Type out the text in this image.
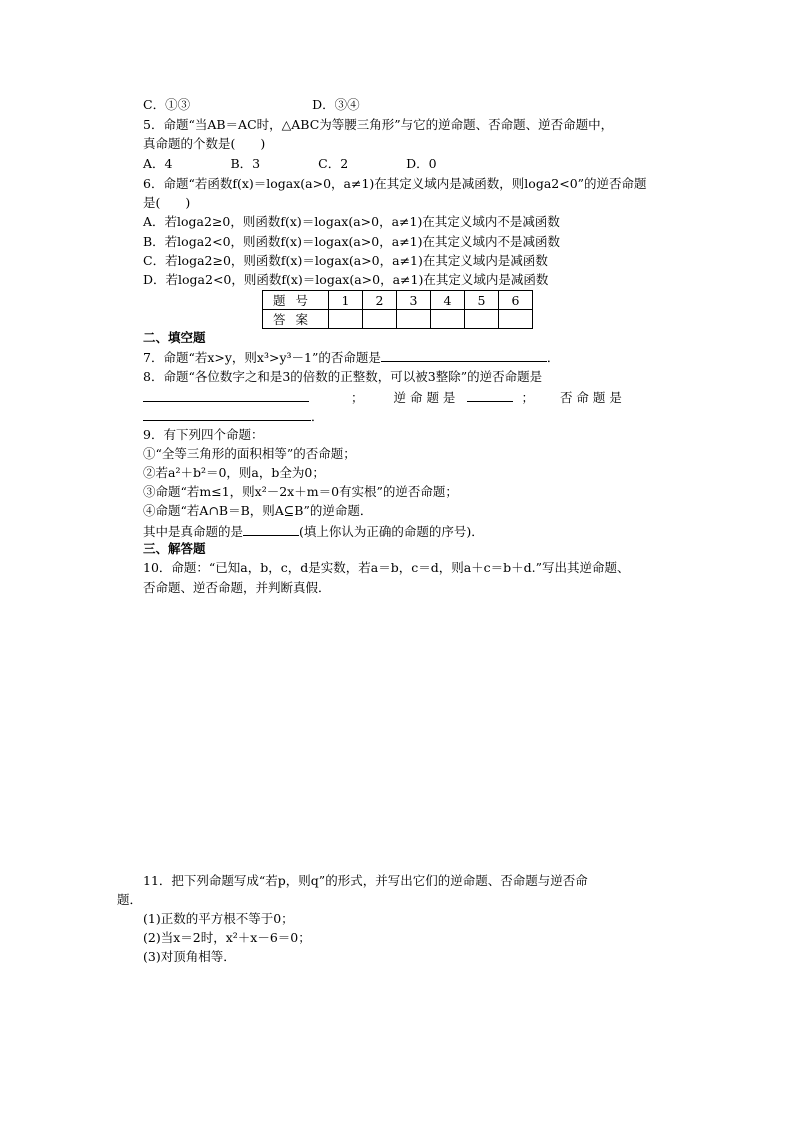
C．①③	D．③④
5．命题“当AB＝AC时，△ABC为等腰三角形”与它的逆命题、否命题、逆否命题中，
真命题的个数是(　　)
A．4	B．3	C．2	D．0
6．命题“若函数f(x)＝logax(a>0，a≠1)在其定义域内是减函数，则loga2<0”的逆否命题
是(　　)
A．若loga2≥0，则函数f(x)＝logax(a>0，a≠1)在其定义域内不是减函数
B．若loga2<0，则函数f(x)＝logax(a>0，a≠1)在其定义域内不是减函数
C．若loga2≥0，则函数f(x)＝logax(a>0，a≠1)在其定义域内是减函数
D．若loga2<0，则函数f(x)＝logax(a>0，a≠1)在其定义域内是减函数
题号	1	2	3	4	5	6
答案						
二、填空题
7．命题“若x>y，则x³>y³－1”的否命题是	．
8．命题“各位数字之和是3的倍数的正整数，可以被3整除”的逆否命题是
； 逆 命 题 是	； 否 命 题 是
．
9．有下列四个命题：
①“全等三角形的面积相等”的否命题；
②若a²＋b²＝0，则a，b全为0；
③命题“若m≤1，则x²－2x＋m＝0有实根”的逆否命题；
④命题“若A∩B＝B，则A⊆B”的逆命题．
其中是真命题的是	(填上你认为正确的命题的序号)．
三、解答题
10．命题：“已知a，b，c，d是实数，若a＝b，c＝d，则a＋c＝b＋d.”写出其逆命题、
否命题、逆否命题，并判断真假．
11．把下列命题写成“若p，则q”的形式，并写出它们的逆命题、否命题与逆否命
题．
(1)正数的平方根不等于0；
(2)当x＝2时，x²＋x－6＝0；
(3)对顶角相等．
